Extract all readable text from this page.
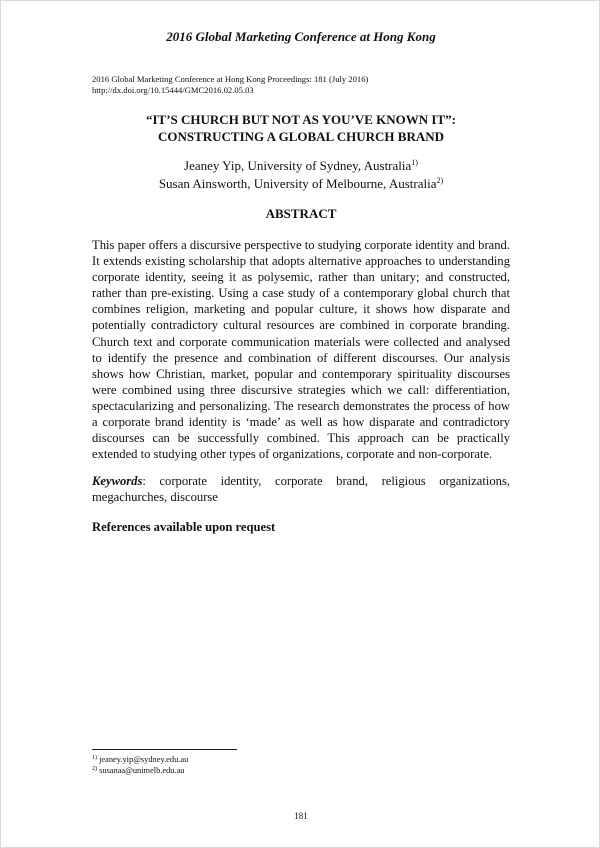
2016 Global Marketing Conference at Hong Kong
2016 Global Marketing Conference at Hong Kong Proceedings: 181 (July 2016)
http://dx.doi.org/10.15444/GMC2016.02.05.03
“IT’S CHURCH BUT NOT AS YOU’VE KNOWN IT”: CONSTRUCTING A GLOBAL CHURCH BRAND
Jeaney Yip, University of Sydney, Australia$^{1)}$
Susan Ainsworth, University of Melbourne, Australia$^{2)}$
ABSTRACT

This paper offers a discursive perspective to studying corporate identity and brand. It extends existing scholarship that adopts alternative approaches to understanding corporate identity, seeing it as polysemic, rather than unitary; and constructed, rather than pre-existing. Using a case study of a contemporary global church that combines religion, marketing and popular culture, it shows how disparate and potentially contradictory cultural resources are combined in corporate branding. Church text and corporate communication materials were collected and analysed to identify the presence and combination of different discourses. Our analysis shows how Christian, market, popular and contemporary spirituality discourses were combined using three discursive strategies which we call: differentiation, spectacularizing and personalizing. The research demonstrates the process of how a corporate brand identity is ‘made’ as well as how disparate and contradictory discourses can be successfully combined. This approach can be practically extended to studying other types of organizations, corporate and non-corporate.

Keywords: corporate identity, corporate brand, religious organizations, megachurches, discourse

References available upon request
$^{1)}$ jeaney.yip@sydney.edu.au
$^{2)}$ susanaa@unimelb.edu.au
181
